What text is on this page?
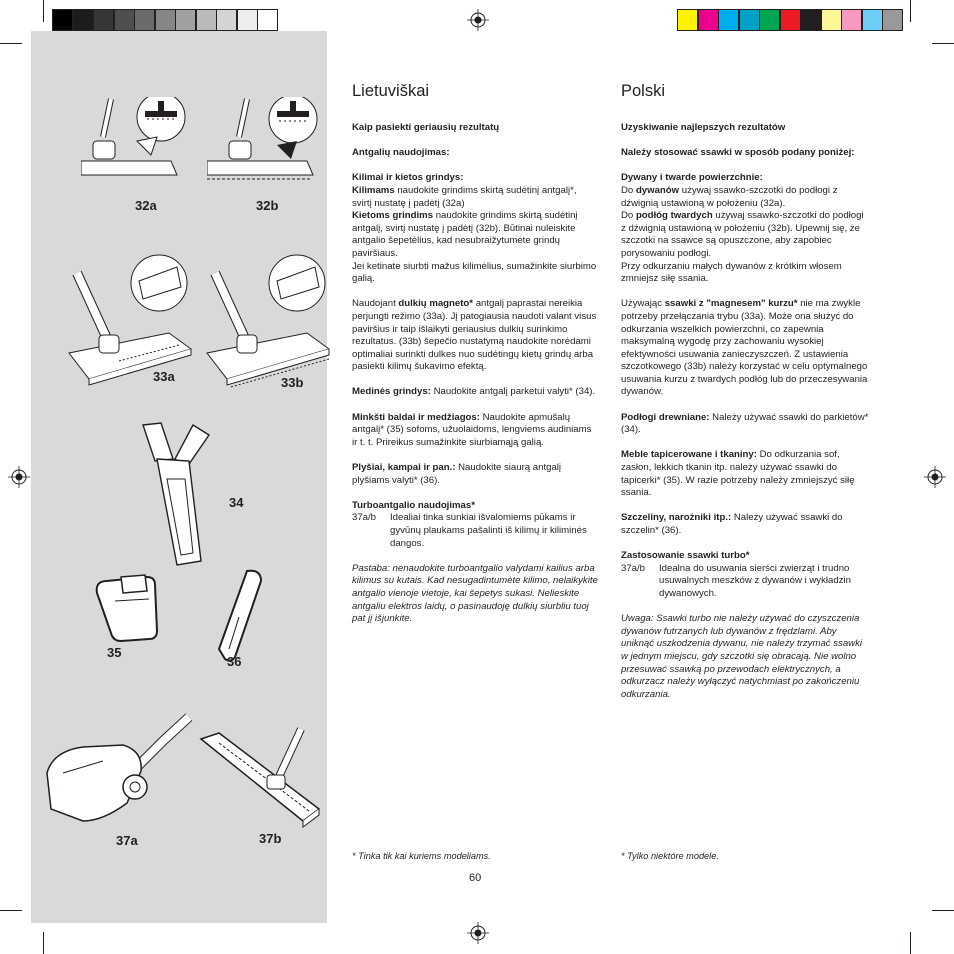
32a	32b
33a	33b
34
35
36
37a	37b
Lietuviškai

Kaip pasiekti geriausių rezultatų

Antgalių naudojimas:

Kilimai ir kietos grindys:

Kilimams naudokite grindims skirtą sudėtinį antgalį*, svirtį nustatę į padėtį (32a)

Kietoms grindims naudokite grindims skirtą sudėtinį antgalį, svirtį nustatę į padėtį (32b). Būtinai nuleiskite antgalio šepetėlius, kad nesubraižytumėte grindų paviršiaus.

Jei ketinate siurbti mažus kilimėlius, sumažinkite siurbimo galią.

Naudojant dulkių magneto* antgalį paprastai nereikia perjungti režimo (33a). Jį patogiausia naudoti valant visus paviršius ir taip išlaikyti geriausius dulkių surinkimo rezultatus. (33b) šepečio nustatymą naudokite norėdami optimaliai surinkti dulkes nuo sudėtingų kietų grindų arba pasiekti kilimų šukavimo efektą.

Medinės grindys: Naudokite antgalį parketui valyti* (34).

Minkšti baldai ir medžiagos: Naudokite apmušalų antgalį* (35) sofoms, užuolaidoms, lengviems audiniams ir t. t. Prireikus sumažinkite siurbiamąją galią.

Plyšiai, kampai ir pan.: Naudokite siaurą antgalį plyšiams valyti* (36).

Turboantgalio naudojimas*

37a/b	Idealiai tinka sunkiai išvalomiems pūkams ir gyvūnų plaukams pašalinti iš kilimų ir kiliminės dangos.

Pastaba: nenaudokite turboantgalio valydami kailius arba kilimus su kutais. Kad nesugadintumėte kilimo, nelaikykite antgalio vienoje vietoje, kai šepetys sukasi. Nelieskite antgaliu elektros laidų, o pasinaudoję dulkių siurbliu tuoj pat jį išjunkite.

* Tinka tik kai kuriems modeliams.
Polski

Uzyskiwanie najlepszych rezultatów

Należy stosować ssawki w sposób podany poniżej:

Dywany i twarde powierzchnie:

Do dywanów używaj ssawko-szczotki do podłogi z dźwignią ustawioną w położeniu (32a).

Do podłóg twardych używaj ssawko-szczotki do podłogi z dźwignią ustawioną w położeniu (32b). Upewnij się, że szczotki na ssawce są opuszczone, aby zapobiec porysowaniu podłogi.

Przy odkurzaniu małych dywanów z krótkim włosem zmniejsz siłę ssania.

Używając ssawki z "magnesem" kurzu* nie ma zwykle potrzeby przełączania trybu (33a). Może ona służyć do odkurzania wszelkich powierzchni, co zapewnia maksymalną wygodę przy zachowaniu wysokiej efektywności usuwania zanieczyszczeń. Z ustawienia szczotkowego (33b) należy korzystać w celu optymalnego usuwania kurzu z twardych podłóg lub do przeczesywania dywanów.

Podłogi drewniane: Należy używać ssawki do parkietów* (34).

Meble tapicerowane i tkaniny: Do odkurzania sof, zasłon, lekkich tkanin itp. należy używać ssawki do tapicerki* (35). W razie potrzeby należy zmniejszyć siłę ssania.

Szczeliny, narożniki itp.: Należy używać ssawki do szczelin* (36).

Zastosowanie ssawki turbo*

37a/b	Idealna do usuwania sierści zwierząt i trudno usuwalnych meszków z dywanów i wykładzin dywanowych.

Uwaga: Ssawki turbo nie należy używać do czyszczenia dywanów futrzanych lub dywanów z frędzlami. Aby uniknąć uszkodzenia dywanu, nie należy trzymać ssawki w jednym miejscu, gdy szczotki się obracają. Nie wolno przesuwać ssawką po przewodach elektrycznych, a odkurzacz należy wyłączyć natychmiast po zakończeniu odkurzania.

* Tylko niektóre modele.
60
